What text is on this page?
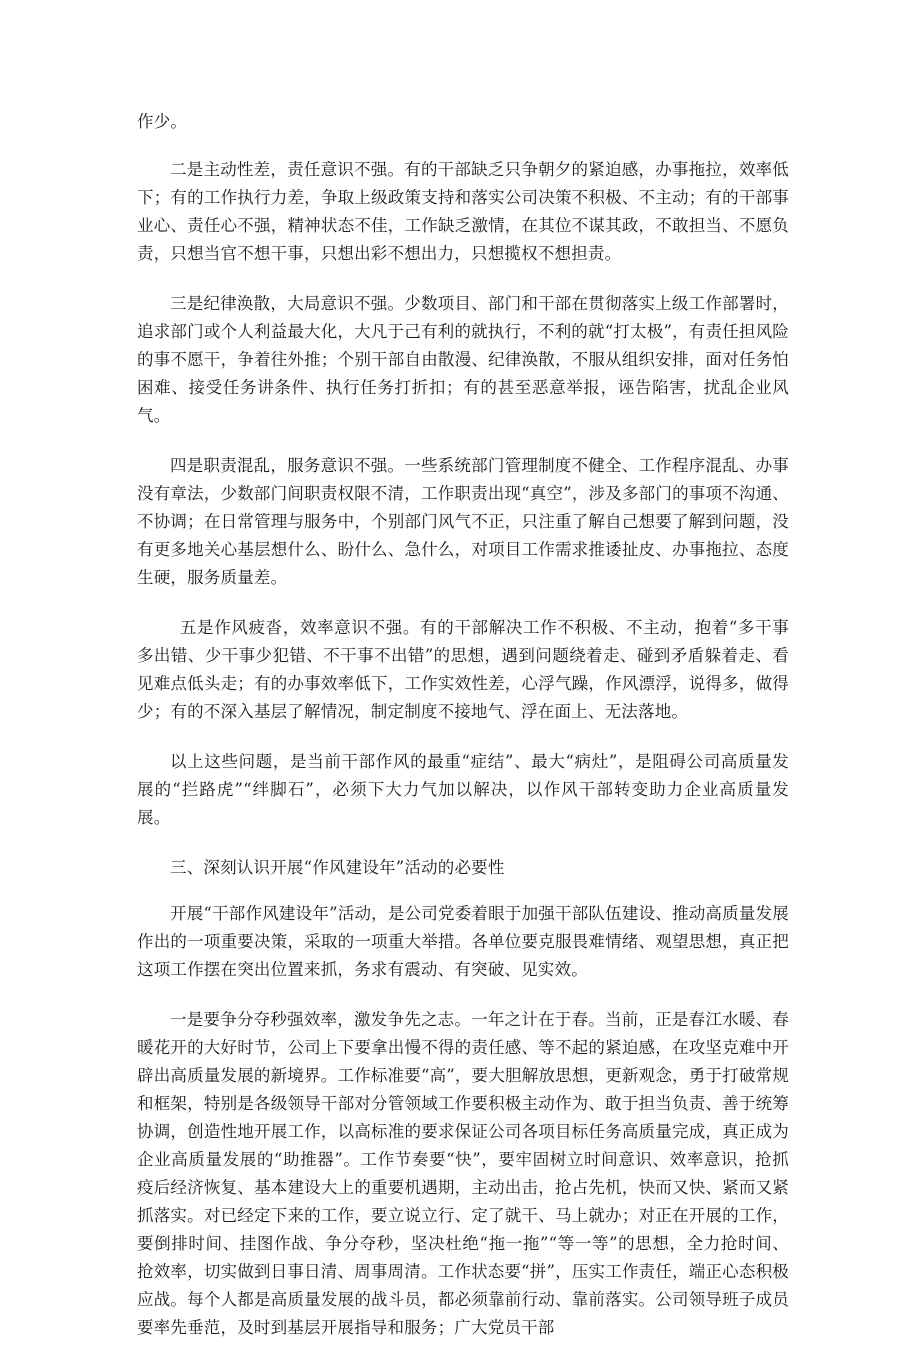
作少。

二是主动性差，责任意识不强。有的干部缺乏只争朝夕的紧迫感，办事拖拉，效率低下；有的工作执行力差，争取上级政策支持和落实公司决策不积极、不主动；有的干部事业心、责任心不强，精神状态不佳，工作缺乏激情，在其位不谋其政，不敢担当、不愿负责，只想当官不想干事，只想出彩不想出力，只想揽权不想担责。

三是纪律涣散，大局意识不强。少数项目、部门和干部在贯彻落实上级工作部署时，追求部门或个人利益最大化，大凡于己有利的就执行，不利的就“打太极”，有责任担风险的事不愿干，争着往外推；个别干部自由散漫、纪律涣散，不服从组织安排，面对任务怕困难、接受任务讲条件、执行任务打折扣；有的甚至恶意举报，诬告陷害，扰乱企业风气。

四是职责混乱，服务意识不强。一些系统部门管理制度不健全、工作程序混乱、办事没有章法，少数部门间职责权限不清，工作职责出现“真空”，涉及多部门的事项不沟通、不协调；在日常管理与服务中，个别部门风气不正，只注重了解自己想要了解到问题，没有更多地关心基层想什么、盼什么、急什么，对项目工作需求推诿扯皮、办事拖拉、态度生硬，服务质量差。

五是作风疲沓，效率意识不强。有的干部解决工作不积极、不主动，抱着“多干事多出错、少干事少犯错、不干事不出错”的思想，遇到问题绕着走、碰到矛盾躲着走、看见难点低头走；有的办事效率低下，工作实效性差，心浮气躁，作风漂浮，说得多，做得少；有的不深入基层了解情况，制定制度不接地气、浮在面上、无法落地。

以上这些问题，是当前干部作风的最重“症结”、最大“病灶”，是阻碍公司高质量发展的“拦路虎”“绊脚石”，必须下大力气加以解决，以作风干部转变助力企业高质量发展。

三、深刻认识开展“作风建设年”活动的必要性

开展“干部作风建设年”活动，是公司党委着眼于加强干部队伍建设、推动高质量发展作出的一项重要决策，采取的一项重大举措。各单位要克服畏难情绪、观望思想，真正把这项工作摆在突出位置来抓，务求有震动、有突破、见实效。

一是要争分夺秒强效率，激发争先之志。一年之计在于春。当前，正是春江水暖、春暖花开的大好时节，公司上下要拿出慢不得的责任感、等不起的紧迫感，在攻坚克难中开辟出高质量发展的新境界。工作标准要“高”，要大胆解放思想，更新观念，勇于打破常规和框架，特别是各级领导干部对分管领域工作要积极主动作为、敢于担当负责、善于统筹协调，创造性地开展工作，以高标准的要求保证公司各项目标任务高质量完成，真正成为企业高质量发展的“助推器”。工作节奏要“快”，要牢固树立时间意识、效率意识，抢抓疫后经济恢复、基本建设大上的重要机遇期，主动出击，抢占先机，快而又快、紧而又紧抓落实。对已经定下来的工作，要立说立行、定了就干、马上就办；对正在开展的工作，要倒排时间、挂图作战、争分夺秒，坚决杜绝“拖一拖”“等一等”的思想，全力抢时间、抢效率，切实做到日事日清、周事周清。工作状态要“拼”，压实工作责任，端正心态积极应战。每个人都是高质量发展的战斗员，都必须靠前行动、靠前落实。公司领导班子成员要率先垂范，及时到基层开展指导和服务；广大党员干部
